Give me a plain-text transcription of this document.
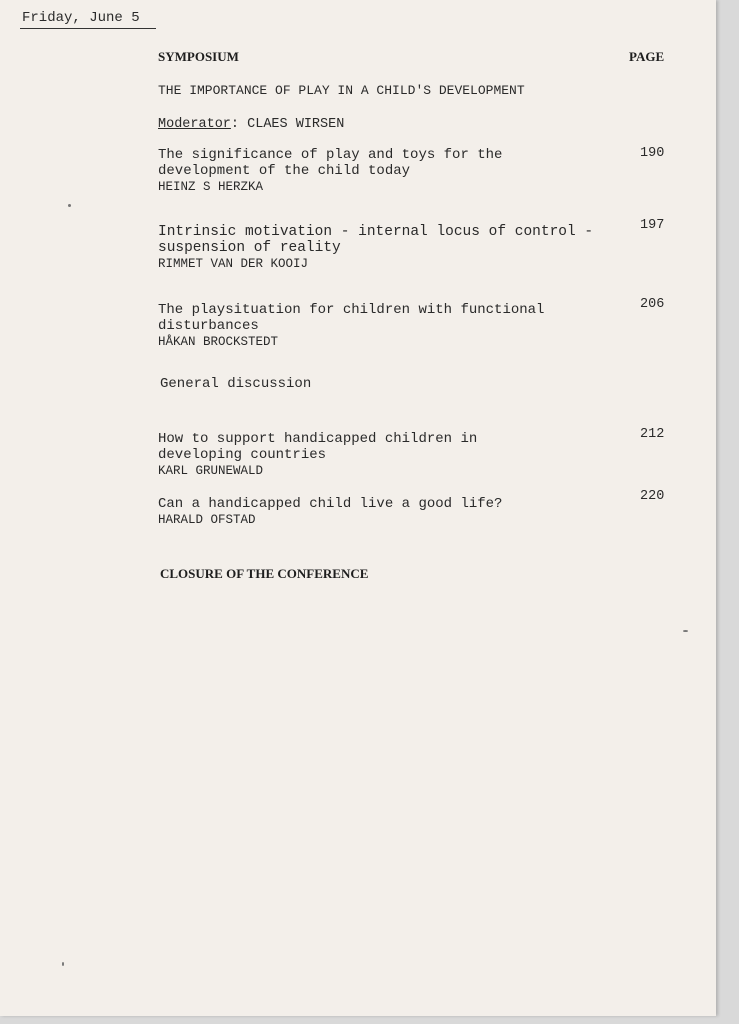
Friday, June 5
SYMPOSIUM	PAGE
THE IMPORTANCE OF PLAY IN A CHILD'S DEVELOPMENT
Moderator: CLAES WIRSEN
The significance of play and toys for the
development of the child today
HEINZ S HERZKA
190
Intrinsic motivation - internal locus of control -
suspension of reality
RIMMET VAN DER KOOIJ
197
The playsituation for children with functional
disturbances
HÅKAN BROCKSTEDT
206
General discussion
How to support handicapped children in
developing countries
KARL GRUNEWALD
212
Can a handicapped child live a good life?
HARALD OFSTAD
220
CLOSURE OF THE CONFERENCE
